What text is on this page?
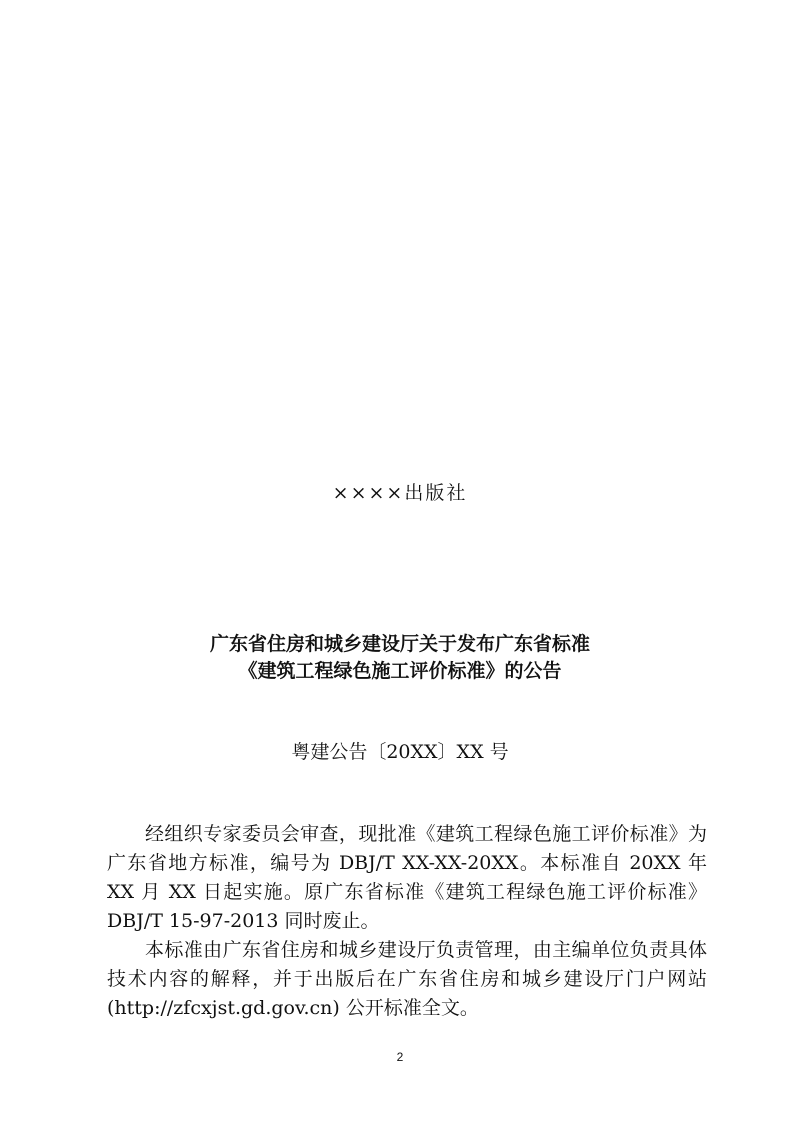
××××出版社
广东省住房和城乡建设厅关于发布广东省标准
《建筑工程绿色施工评价标准》的公告
粤建公告〔20XX〕XX 号

经组织专家委员会审查，现批准《建筑工程绿色施工评价标准》为广东省地方标准，编号为 DBJ/T XX-XX-20XX。本标准自 20XX 年 XX 月 XX 日起实施。原广东省标准《建筑工程绿色施工评价标准》DBJ/T 15-97-2013 同时废止。

本标准由广东省住房和城乡建设厅负责管理，由主编单位负责具体技术内容的解释，并于出版后在广东省住房和城乡建设厅门户网站 (http://zfcxjst.gd.gov.cn) 公开标准全文。

2
